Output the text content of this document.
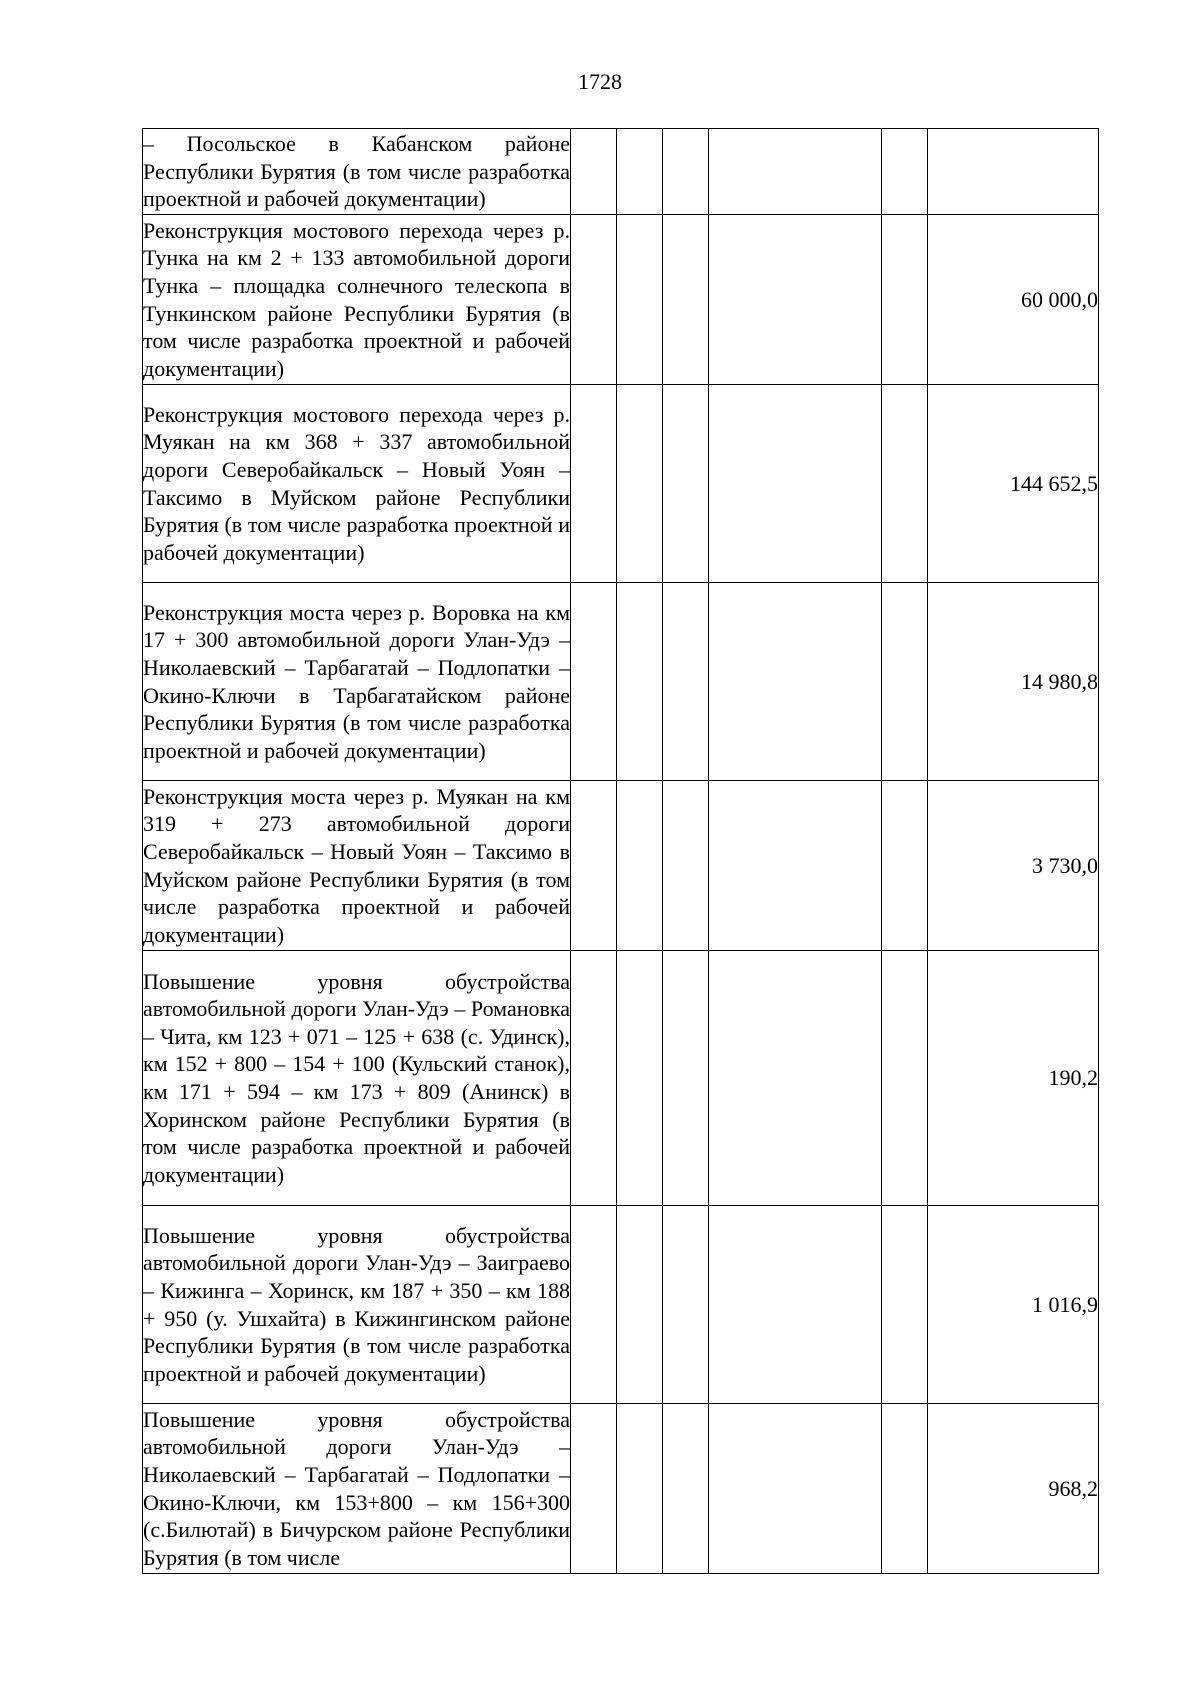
1728
– Посольское в Кабанском районе Республики Бурятия (в том числе разработка проектной и рабочей документации)						
Реконструкция мостового перехода через р. Тунка на км 2 + 133 автомобильной дороги Тунка – площадка солнечного телескопа в Тункинском районе Республики Бурятия (в том числе разработка проектной и рабочей документации)						60 000,0
Реконструкция мостового перехода через р. Муякан на км 368 + 337 автомобильной дороги Северобайкальск – Новый Уоян – Таксимо в Муйском районе Республики Бурятия (в том числе разработка проектной и рабочей документации)						144 652,5
Реконструкция моста через р. Воровка на км 17 + 300 автомобильной дороги Улан-Удэ – Николаевский – Тарбагатай – Подлопатки – Окино-Ключи в Тарбагатайском районе Республики Бурятия (в том числе разработка проектной и рабочей документации)						14 980,8
Реконструкция моста через р. Муякан на км 319 + 273 автомобильной дороги Северобайкальск – Новый Уоян – Таксимо в Муйском районе Республики Бурятия (в том числе разработка проектной и рабочей документации)						3 730,0
Повышение уровня обустройства автомобильной дороги Улан-Удэ – Романовка – Чита, км 123 + 071 – 125 + 638 (с. Удинск), км 152 + 800 – 154 + 100 (Кульский станок), км 171 + 594 – км 173 + 809 (Анинск) в Хоринском районе Республики Бурятия (в том числе разработка проектной и рабочей документации)						190,2
Повышение уровня обустройства автомобильной дороги Улан-Удэ – Заиграево – Кижинга – Хоринск, км 187 + 350 – км 188 + 950 (у. Ушхайта) в Кижингинском районе Республики Бурятия (в том числе разработка проектной и рабочей документации)						1 016,9
Повышение уровня обустройства автомобильной дороги Улан-Удэ – Николаевский – Тарбагатай – Подлопатки – Окино-Ключи, км 153+800 – км 156+300 (с.Билютай) в Бичурском районе Республики Бурятия (в том числе						968,2
